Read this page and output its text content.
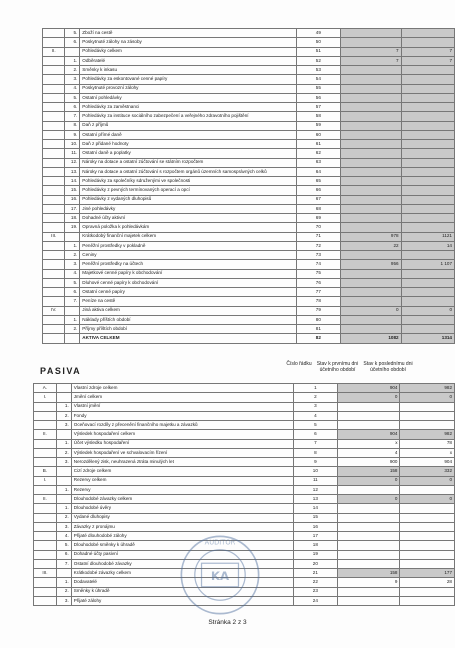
	5.	Zboží na cestě	49		
	6.	Poskytnuté zálohy na zásoby	50		
II.		Pohledávky celkem	51	7	7
	1.	Odběratelé	52	7	7
	2.	Směnky k inkasu	53		
	3.	Pohledávky za eskontované cenné papíry	54		
	4.	Poskytnuté provozní zálohy	55		
	5.	Ostatní pohledávky	56		
	6.	Pohledávky za zaměstnanci	57		
	7.	Pohledávky za instituce sociálního zabezpečení a veřejného zdravotního pojištění	58		
	8.	Daň z příjmů	59		
	9.	Ostatní přímé daně	60		
	10.	Daň z přidané hodnoty	61		
	11.	Ostatní daně a poplatky	62		
	12.	Nároky na dotace a ostatní zúčtování se státním rozpočtem	63		
	13.	Nároky na dotace a ostatní zúčtování s rozpočtem orgánů územních samosprávných celků	64		
	14.	Pohledávky za společníky sdruženými ve společnosti	65		
	15.	Pohledávky z pevných termínovaných operací a opcí	66		
	16.	Pohledávky z vydaných dluhopisů	67		
	17.	Jiné pohledávky	68		
	18.	Dohadné účty aktivní	69		
	19.	Opravná položka k pohledávkám	70		
III.		Krátkodobý finanční majetek celkem	71	978	1121
	1.	Peněžní prostředky v pokladně	72	22	14
	2.	Ceniny	73		
	3.	Peněžní prostředky na účtech	74	956	1 107
	4.	Majetkové cenné papíry k obchodování	75		
	5.	Dluhové cenné papíry k obchodování	76		
	6.	Ostatní cenné papíry	77		
	7.	Peníze na cestě	78		
IV.		Jiná aktiva celkem	79	0	0
	1.	Náklady příštích období	80		
	2.	Příjmy příštích období	81		
		AKTIVA CELKEM	82	1082	1314
PASIVA
Číslo řádku	Stav k prvnímu dni účetního období
Stav k poslednímu dni účetního období
A.		Vlastní zdroje celkem	1	904	982
I.		Jmění celkem	2	0	0
	1.	Vlastní jmění	3		
	2.	Fondy	4		
	3.	Oceňovací rozdíly z přecenění finančního majetku a závazků	5		
II.		Výsledek hospodaření celkem	6	904	982
	1.	Účet výsledku hospodaření	7	x	78
	2.	Výsledek hospodaření ve schvalovacím řízení	8	4	x
	3.	Nerozdělený zisk, neuhrazená ztráta minulých let	9	900	904
B.		Cizí zdroje celkem	10	158	332
I.		Rezervy celkem	11	0	0
	1.	Rezervy	12		
II.		Dlouhodobé závazky celkem	13	0	0
	1.	Dlouhodobé úvěry	14		
	2.	Vydané dluhopisy	15		
	3.	Závazky z pronájmu	16		
	4.	Přijaté dlouhodobé zálohy	17		
	5.	Dlouhodobé směnky k úhradě	18		
	6.	Dohadné účty pasivní	19		
	7.	Ostatní dlouhodobé závazky	20		
III.		Krátkodobé závazky celkem	21	158	177
	1.	Dodavatelé	22	9	28
	2.	Směnky k úhradě	23		
	3.	Přijaté zálohy	24		
KA
AUDITOR
Stránka 2 z 3
